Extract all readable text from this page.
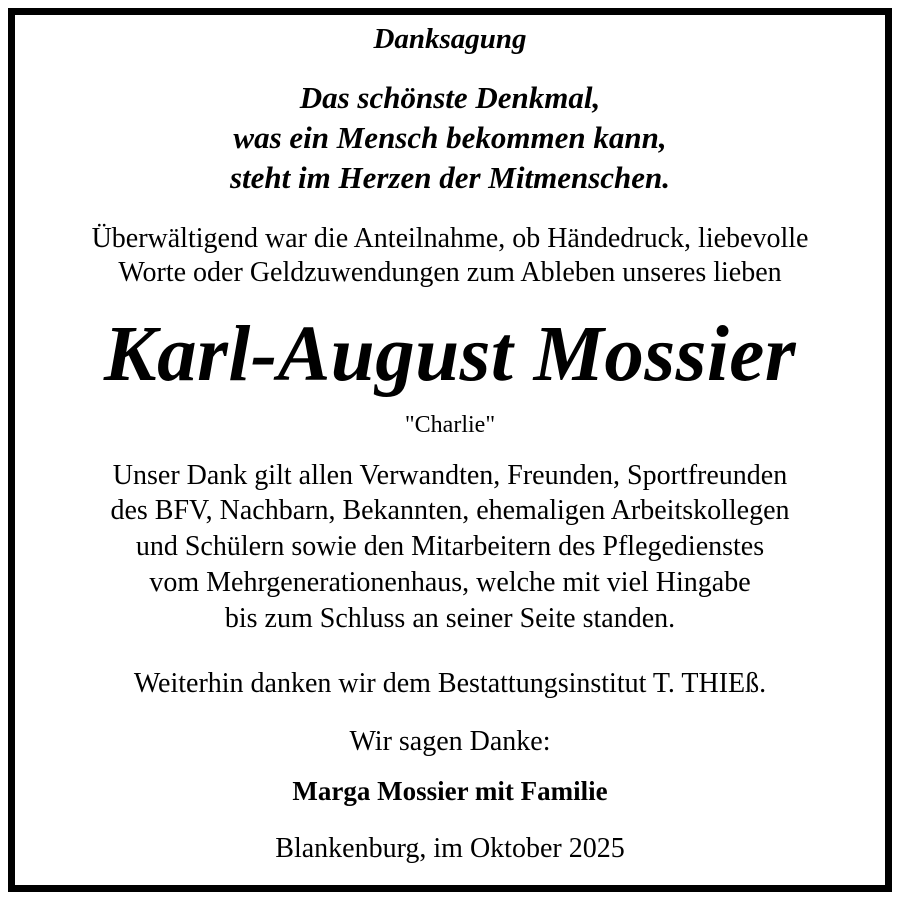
Danksagung
Das schönste Denkmal,
was ein Mensch bekommen kann,
steht im Herzen der Mitmenschen.
Überwältigend war die Anteilnahme, ob Händedruck, liebevolle
Worte oder Geldzuwendungen zum Ableben unseres lieben
Karl-August Mossier
"Charlie"
Unser Dank gilt allen Verwandten, Freunden, Sportfreunden
des BFV, Nachbarn, Bekannten, ehemaligen Arbeitskollegen
und Schülern sowie den Mitarbeitern des Pflegedienstes
vom Mehrgenerationenhaus, welche mit viel Hingabe
bis zum Schluss an seiner Seite standen.
Weiterhin danken wir dem Bestattungsinstitut T. THIEß.
Wir sagen Danke:
Marga Mossier mit Familie
Blankenburg, im Oktober 2025
